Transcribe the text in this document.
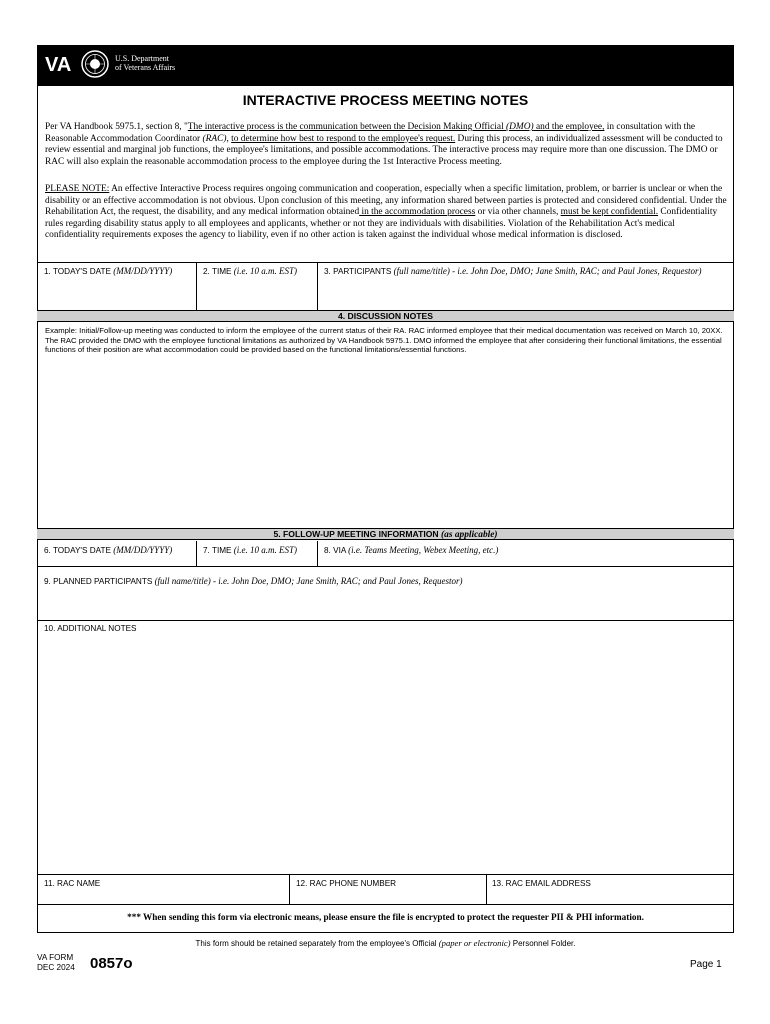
VA	U.S. Department
of Veterans Affairs
INTERACTIVE PROCESS MEETING NOTES
Per VA Handbook 5975.1, section 8, "The interactive process is the communication between the Decision Making Official (DMO) and the employee, in consultation with the Reasonable Accommodation Coordinator (RAC), to determine how best to respond to the employee's request. During this process, an individualized assessment will be conducted to review essential and marginal job functions, the employee's limitations, and possible accommodations. The interactive process may require more than one discussion. The DMO or RAC will also explain the reasonable accommodation process to the employee during the 1st Interactive Process meeting.
PLEASE NOTE: An effective Interactive Process requires ongoing communication and cooperation, especially when a specific limitation, problem, or barrier is unclear or when the disability or an effective accommodation is not obvious. Upon conclusion of this meeting, any information shared between parties is protected and considered confidential. Under the Rehabilitation Act, the request, the disability, and any medical information obtained in the accommodation process or via other channels, must be kept confidential. Confidentiality rules regarding disability status apply to all employees and applicants, whether or not they are individuals with disabilities. Violation of the Rehabilitation Act's medical confidentiality requirements exposes the agency to liability, even if no other action is taken against the individual whose medical information is disclosed.
1. TODAY'S DATE (MM/DD/YYYY)	2. TIME (i.e. 10 a.m. EST)	3. PARTICIPANTS (full name/title) - i.e. John Doe, DMO; Jane Smith, RAC; and Paul Jones, Requestor)
4. DISCUSSION NOTES
Example: Initial/Follow-up meeting was conducted to inform the employee of the current status of their RA. RAC informed employee that their medical documentation was received on March 10, 20XX. The RAC provided the DMO with the employee functional limitations as authorized by VA Handbook 5975.1. DMO informed the employee that after considering their functional limitations, the essential functions of their position are what accommodation could be provided based on the functional limitations/essential functions.
5. FOLLOW-UP MEETING INFORMATION (as applicable)
6. TODAY'S DATE (MM/DD/YYYY)	7. TIME (i.e. 10 a.m. EST)	8. VIA (i.e. Teams Meeting, Webex Meeting, etc.)
9. PLANNED PARTICIPANTS (full name/title) - i.e. John Doe, DMO; Jane Smith, RAC; and Paul Jones, Requestor)
10. ADDITIONAL NOTES
11. RAC NAME	12. RAC PHONE NUMBER	13. RAC EMAIL ADDRESS
*** When sending this form via electronic means, please ensure the file is encrypted to protect the requester PII & PHI information.
This form should be retained separately from the employee's Official (paper or electronic) Personnel Folder.
VA FORM
DEC 2024 0857o	Page 1
